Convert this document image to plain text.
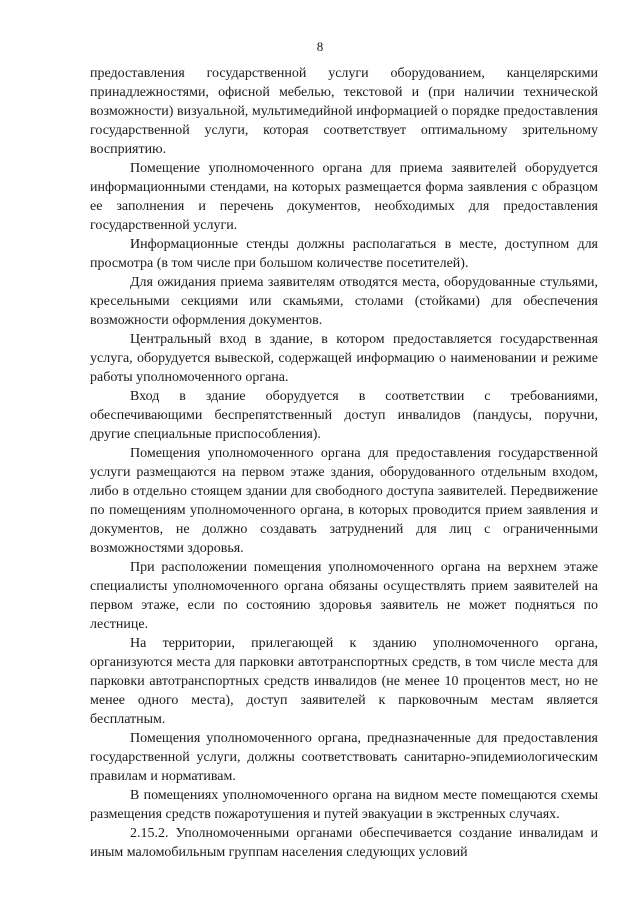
8

предоставления государственной услуги оборудованием, канцелярскими принадлежностями, офисной мебелью, текстовой и (при наличии технической возможности) визуальной, мультимедийной информацией о порядке предоставления государственной услуги, которая соответствует оптимальному зрительному восприятию.

Помещение уполномоченного органа для приема заявителей оборудуется информационными стендами, на которых размещается форма заявления с образцом ее заполнения и перечень документов, необходимых для предоставления государственной услуги.

Информационные стенды должны располагаться в месте, доступном для просмотра (в том числе при большом количестве посетителей).

Для ожидания приема заявителям отводятся места, оборудованные стульями, кресельными секциями или скамьями, столами (стойками) для обеспечения возможности оформления документов.

Центральный вход в здание, в котором предоставляется государственная услуга, оборудуется вывеской, содержащей информацию о наименовании и режиме работы уполномоченного органа.

Вход в здание оборудуется в соответствии с требованиями, обеспечивающими беспрепятственный доступ инвалидов (пандусы, поручни, другие специальные приспособления).

Помещения уполномоченного органа для предоставления государственной услуги размещаются на первом этаже здания, оборудованного отдельным входом, либо в отдельно стоящем здании для свободного доступа заявителей. Передвижение по помещениям уполномоченного органа, в которых проводится прием заявления и документов, не должно создавать затруднений для лиц с ограниченными возможностями здоровья.

При расположении помещения уполномоченного органа на верхнем этаже специалисты уполномоченного органа обязаны осуществлять прием заявителей на первом этаже, если по состоянию здоровья заявитель не может подняться по лестнице.

На территории, прилегающей к зданию уполномоченного органа, организуются места для парковки автотранспортных средств, в том числе места для парковки автотранспортных средств инвалидов (не менее 10 процентов мест, но не менее одного места), доступ заявителей к парковочным местам является бесплатным.

Помещения уполномоченного органа, предназначенные для предоставления государственной услуги, должны соответствовать санитарно-эпидемиологическим правилам и нормативам.

В помещениях уполномоченного органа на видном месте помещаются схемы размещения средств пожаротушения и путей эвакуации в экстренных случаях.

2.15.2. Уполномоченными органами обеспечивается создание инвалидам и иным маломобильным группам населения следующих условий
